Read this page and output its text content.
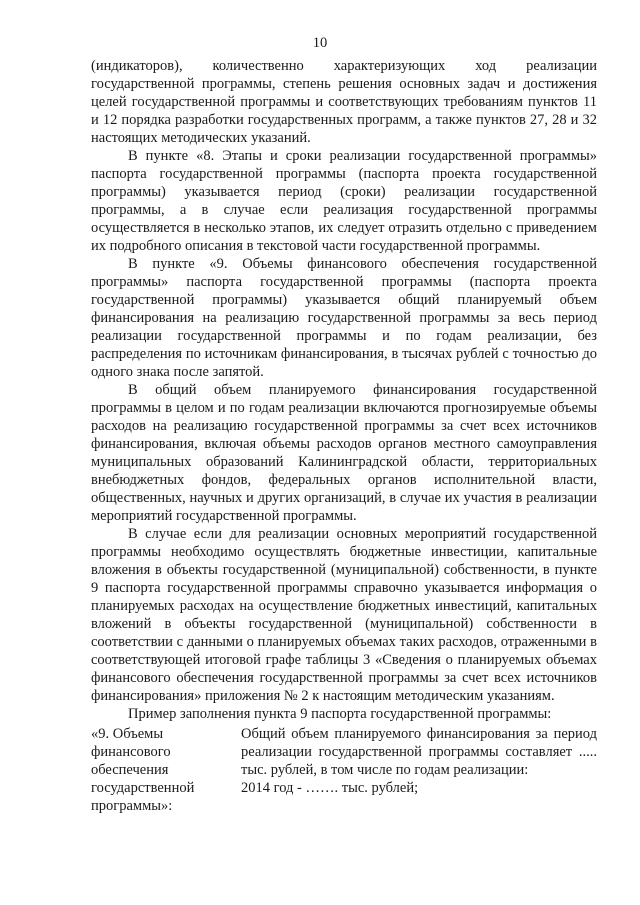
10

(индикаторов), количественно характеризующих ход реализации государственной программы, степень решения основных задач и достижения целей государственной программы и соответствующих требованиям пунктов 11 и 12 порядка разработки государственных программ, а также пунктов 27, 28 и 32 настоящих методических указаний.

В пункте «8. Этапы и сроки реализации государственной программы» паспорта государственной программы (паспорта проекта государственной программы) указывается период (сроки) реализации государственной программы, а в случае если реализация государственной программы осуществляется в несколько этапов, их следует отразить отдельно с приведением их подробного описания в текстовой части государственной программы.

В пункте «9. Объемы финансового обеспечения государственной программы» паспорта государственной программы (паспорта проекта государственной программы) указывается общий планируемый объем финансирования на реализацию государственной программы за весь период реализации государственной программы и по годам реализации, без распределения по источникам финансирования, в тысячах рублей с точностью до одного знака после запятой.

В общий объем планируемого финансирования государственной программы в целом и по годам реализации включаются прогнозируемые объемы расходов на реализацию государственной программы за счет всех источников финансирования, включая объемы расходов органов местного самоуправления муниципальных образований Калининградской области, территориальных внебюджетных фондов, федеральных органов исполнительной власти, общественных, научных и других организаций, в случае их участия в реализации мероприятий государственной программы.

В случае если для реализации основных мероприятий государственной программы необходимо осуществлять бюджетные инвестиции, капитальные вложения в объекты государственной (муниципальной) собственности, в пункте 9 паспорта государственной программы справочно указывается информация о планируемых расходах на осуществление бюджетных инвестиций, капитальных вложений в объекты государственной (муниципальной) собственности в соответствии с данными о планируемых объемах таких расходов, отраженными в соответствующей итоговой графе таблицы 3 «Сведения о планируемых объемах финансового обеспечения государственной программы за счет всех источников финансирования» приложения № 2 к настоящим методическим указаниям.

Пример заполнения пункта 9 паспорта государственной программы:

«9. Объемы
финансового
обеспечения
государственной
программы»:
Общий объем планируемого финансирования за период реализации государственной программы составляет ..... тыс. рублей, в том числе по годам реализации:
2014 год - ……. тыс. рублей;
